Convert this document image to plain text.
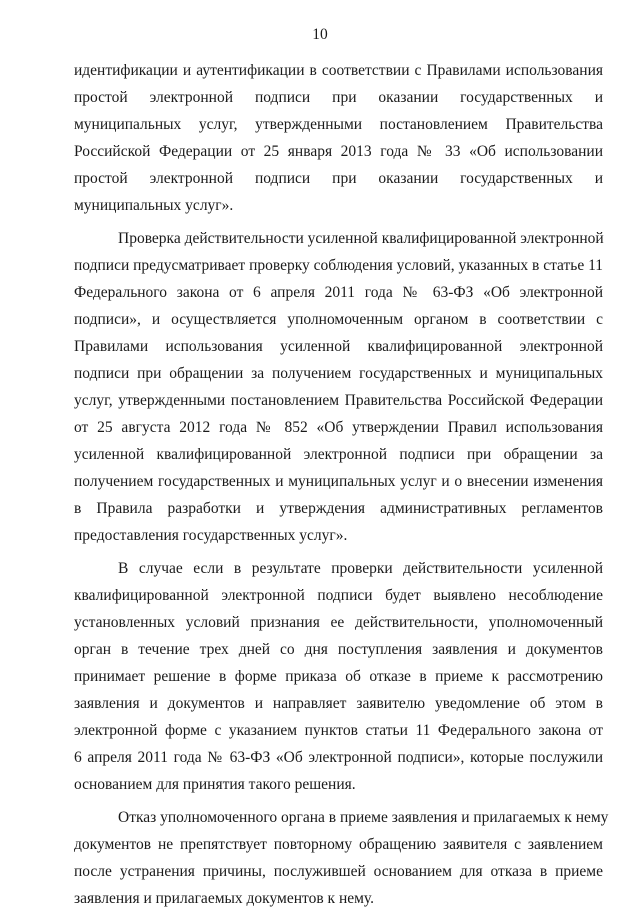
10
идентификации и аутентификации в соответствии с Правилами использования
простой электронной подписи при оказании государственных и
муниципальных услуг, утвержденными постановлением Правительства
Российской Федерации от 25 января 2013 года № 33 «Об использовании
простой электронной подписи при оказании государственных и
муниципальных услуг».
Проверка действительности усиленной квалифицированной электронной
подписи предусматривает проверку соблюдения условий, указанных в статье 11
Федерального закона от 6 апреля 2011 года № 63-ФЗ «Об электронной
подписи», и осуществляется уполномоченным органом в соответствии с
Правилами использования усиленной квалифицированной электронной
подписи при обращении за получением государственных и муниципальных
услуг, утвержденными постановлением Правительства Российской Федерации
от 25 августа 2012 года № 852 «Об утверждении Правил использования
усиленной квалифицированной электронной подписи при обращении за
получением государственных и муниципальных услуг и о внесении изменения
в Правила разработки и утверждения административных регламентов
предоставления государственных услуг».
В случае если в результате проверки действительности усиленной
квалифицированной электронной подписи будет выявлено несоблюдение
установленных условий признания ее действительности, уполномоченный
орган в течение трех дней со дня поступления заявления и документов
принимает решение в форме приказа об отказе в приеме к рассмотрению
заявления и документов и направляет заявителю уведомление об этом в
электронной форме с указанием пунктов статьи 11 Федерального закона от
6 апреля 2011 года № 63-ФЗ «Об электронной подписи», которые послужили
основанием для принятия такого решения.
Отказ уполномоченного органа в приеме заявления и прилагаемых к нему
документов не препятствует повторному обращению заявителя с заявлением
после устранения причины, послужившей основанием для отказа в приеме
заявления и прилагаемых документов к нему.
